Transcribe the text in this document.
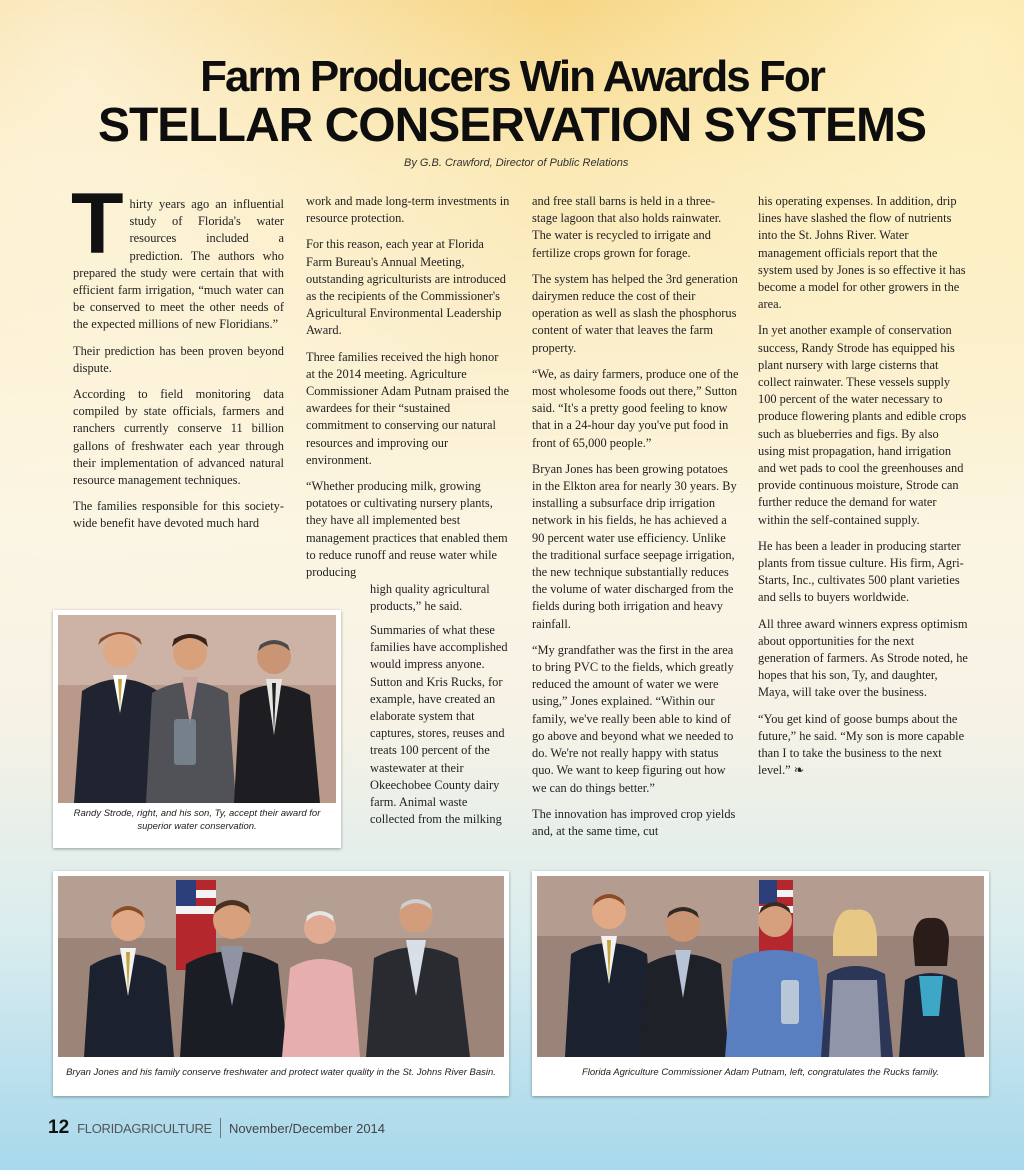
Farm Producers Win Awards For
STELLAR CONSERVATION SYSTEMS

By G.B. Crawford, Director of Public Relations

Thirty years ago an influential study of Florida's water resources included a prediction. The authors who prepared the study were certain that with efficient farm irrigation, “much water can be conserved to meet the other needs of the expected millions of new Floridians.”

Their prediction has been proven beyond dispute.

According to field monitoring data compiled by state officials, farmers and ranchers currently conserve 11 billion gallons of freshwater each year through their implementation of advanced natural resource management techniques.

The families responsible for this society-wide benefit have devoted much hard

work and made long-term investments in resource protection.

For this reason, each year at Florida Farm Bureau's Annual Meeting, outstanding agriculturists are introduced as the recipients of the Commissioner's Agricultural Environmental Leadership Award.

Three families received the high honor at the 2014 meeting. Agriculture Commissioner Adam Putnam praised the awardees for their “sustained commitment to conserving our natural resources and improving our environment.

“Whether producing milk, growing potatoes or cultivating nursery plants, they have all implemented best management practices that enabled them to reduce runoff and reuse water while producing

high quality agricultural products,” he said.

Summaries of what these families have accomplished would impress anyone. Sutton and Kris Rucks, for example, have created an elaborate system that captures, stores, reuses and treats 100 percent of the wastewater at their Okeechobee County dairy farm. Animal waste collected from the milking

and free stall barns is held in a three-stage lagoon that also holds rainwater. The water is recycled to irrigate and fertilize crops grown for forage.

The system has helped the 3rd generation dairymen reduce the cost of their operation as well as slash the phosphorus content of water that leaves the farm property.

“We, as dairy farmers, produce one of the most wholesome foods out there,” Sutton said. “It's a pretty good feeling to know that in a 24-hour day you've put food in front of 65,000 people.”

Bryan Jones has been growing potatoes in the Elkton area for nearly 30 years. By installing a subsurface drip irrigation network in his fields, he has achieved a 90 percent water use efficiency. Unlike the traditional surface seepage irrigation, the new technique substantially reduces the volume of water discharged from the fields during both irrigation and heavy rainfall.

“My grandfather was the first in the area to bring PVC to the fields, which greatly reduced the amount of water we were using,” Jones explained. “Within our family, we've really been able to kind of go above and beyond what we needed to do. We're not really happy with status quo. We want to keep figuring out how we can do things better.”

The innovation has improved crop yields and, at the same time, cut

his operating expenses. In addition, drip lines have slashed the flow of nutrients into the St. Johns River. Water management officials report that the system used by Jones is so effective it has become a model for other growers in the area.

In yet another example of conservation success, Randy Strode has equipped his plant nursery with large cisterns that collect rainwater. These vessels supply 100 percent of the water necessary to produce flowering plants and edible crops such as blueberries and figs. By also using mist propagation, hand irrigation and wet pads to cool the greenhouses and provide continuous moisture, Strode can further reduce the demand for water within the self-contained supply.

He has been a leader in producing starter plants from tissue culture. His firm, Agri-Starts, Inc., cultivates 500 plant varieties and sells to buyers worldwide.

All three award winners express optimism about opportunities for the next generation of farmers. As Strode noted, he hopes that his son, Ty, and daughter, Maya, will take over the business.

“You get kind of goose bumps about the future,” he said. “My son is more capable than I to take the business to the next level.” ❧

Randy Strode, right, and his son, Ty, accept their award for superior water conservation.
Bryan Jones and his family conserve freshwater and protect water quality in the St. Johns River Basin.	Florida Agriculture Commissioner Adam Putnam, left, congratulates the Rucks family.
12 FLORIDAGRICULTURE November/December 2014
